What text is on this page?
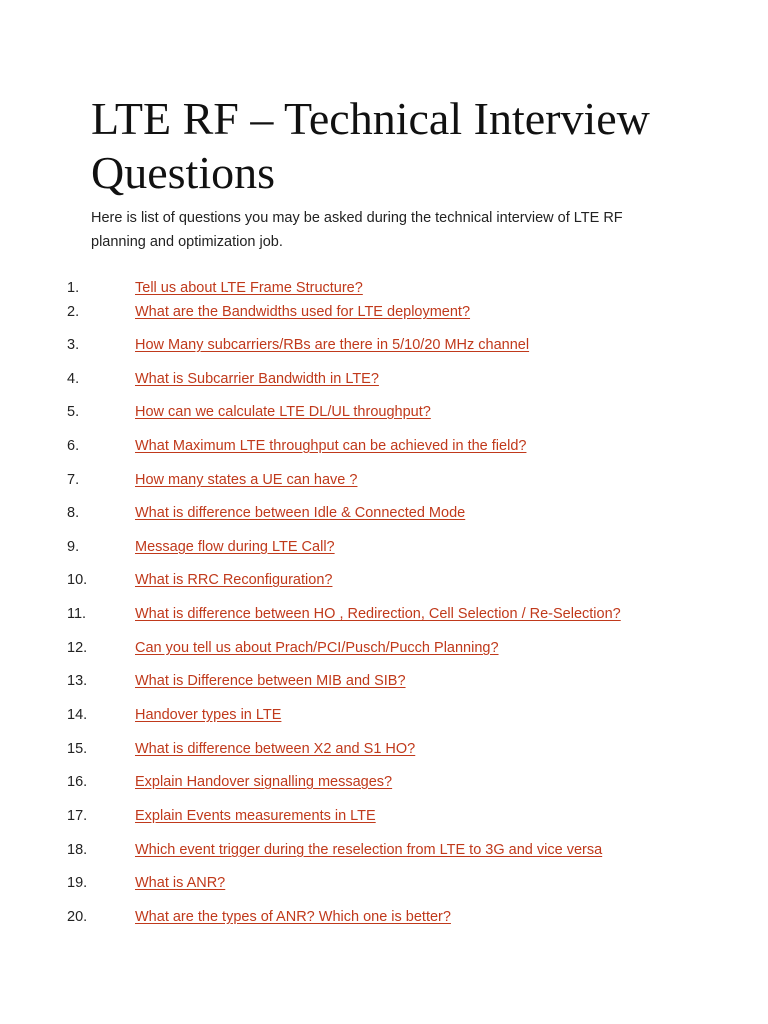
LTE RF – Technical Interview Questions

Here is list of questions you may be asked during the technical interview of LTE RF planning and optimization job.

1.	Tell us about LTE Frame Structure?
2.	What are the Bandwidths used for LTE deployment?
3.	How Many subcarriers/RBs are there in 5/10/20 MHz channel
4.	What is Subcarrier Bandwidth in LTE?
5.	How can we calculate LTE DL/UL throughput?
6.	What Maximum LTE throughput can be achieved in the field?
7.	How many states a UE can have ?
8.	What is difference between Idle & Connected Mode
9.	Message flow during LTE Call?
10.	What is RRC Reconfiguration?
11.	What is difference between HO , Redirection, Cell Selection / Re-Selection?
12.	Can you tell us about Prach/PCI/Pusch/Pucch Planning?
13.	What is Difference between MIB and SIB?
14.	Handover types in LTE
15.	What is difference between X2 and S1 HO?
16.	Explain Handover signalling messages?
17.	Explain Events measurements in LTE
18.	Which event trigger during the reselection from LTE to 3G and vice versa
19.	What is ANR?
20.	What are the types of ANR? Which one is better?
